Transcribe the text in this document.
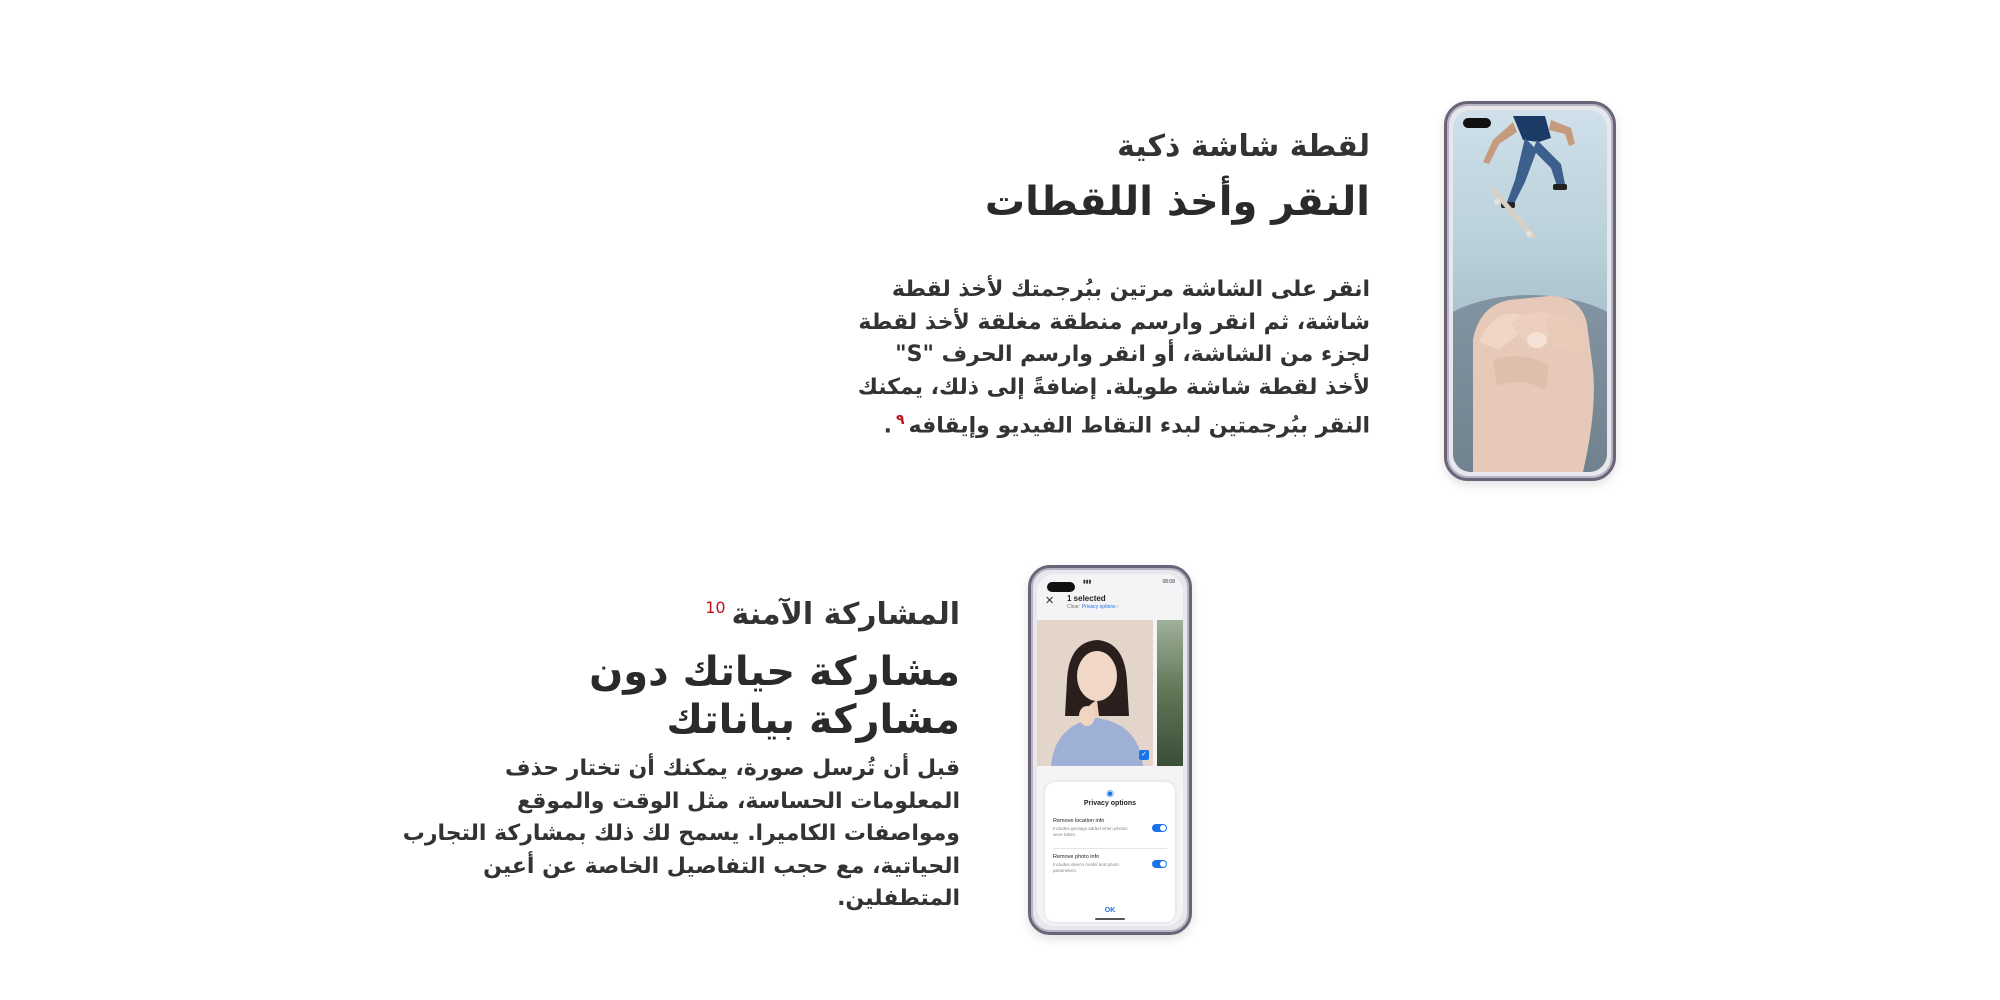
لقطة شاشة ذكية

النقر وأخذ اللقطات

انقر على الشاشة مرتين ببُرجمتك لأخذ لقطة شاشة، ثم انقر وارسم منطقة مغلقة لأخذ لقطة لجزء من الشاشة، أو انقر وارسم الحرف "S" لأخذ لقطة شاشة طويلة. إضافةً إلى ذلك، يمكنك النقر ببُرجمتين لبدء التقاط الفيديو وإيقافه$^٩$.

▮▮▮	08:08
✕ 1 selected
Clear: Privacy options ›
✓
◉
Privacy options
Remove location info
Includes geotags added when photos were taken.
Remove photo info
Includes device model and photo parameters.
OK

المشاركة الآمنة$^{10}$

مشاركة حياتك دون
مشاركة بياناتك

قبل أن تُرسل صورة، يمكنك أن تختار حذف المعلومات الحساسة، مثل الوقت والموقع ومواصفات الكاميرا. يسمح لك ذلك بمشاركة التجارب الحياتية، مع حجب التفاصيل الخاصة عن أعين المتطفلين.
